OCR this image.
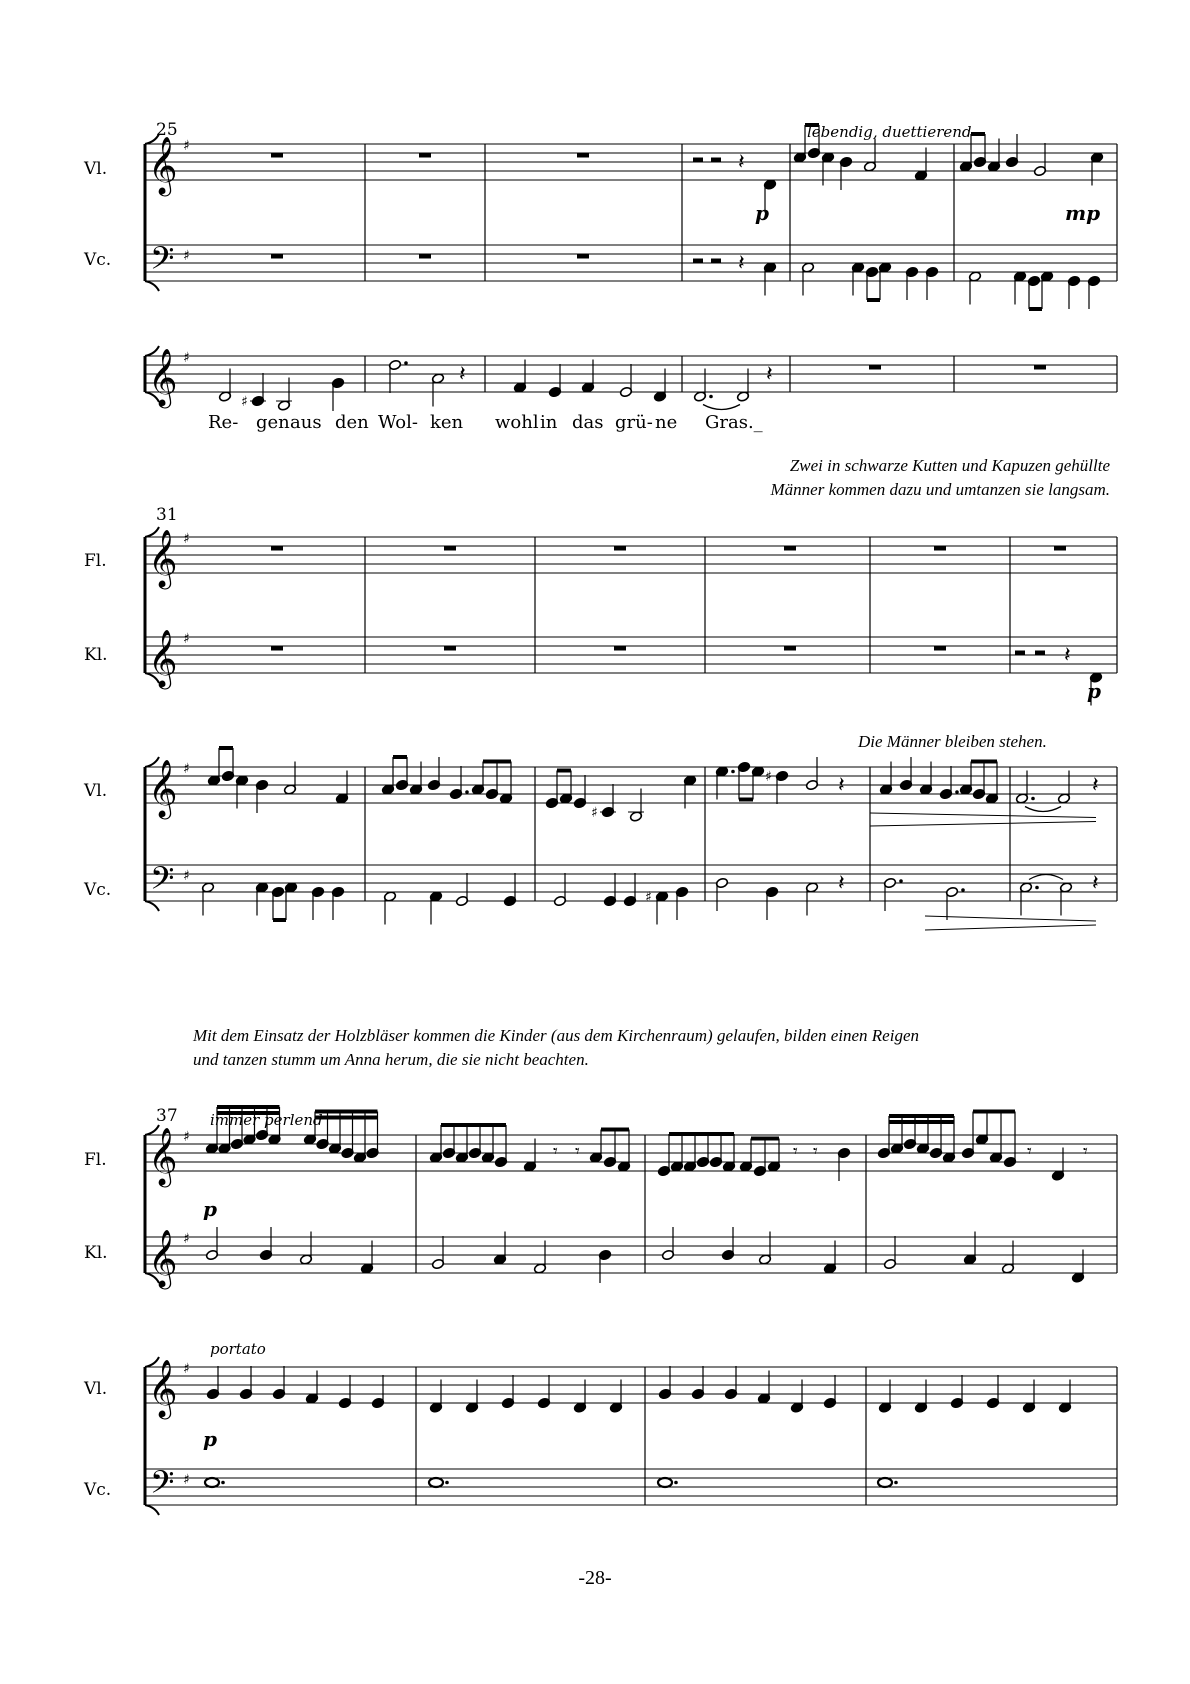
Zwei in schwarze Kutten und Kapuzen gehüllte
Männer kommen dazu und umtanzen sie langsam.
Die Männer bleiben stehen.
Mit dem Einsatz der Holzbläser kommen die Kinder (aus dem Kirchenraum) gelaufen, bilden einen Reigen
und tanzen stumm um Anna herum, die sie nicht beachten.
-28-
25
Vl.
Vc.
𝄞
𝄢
𝄞
♯
♯
♯
𝄽
𝄽
p
lebendig, duettierend
mp
♯
𝄽	𝄽
Re- gen aus den Wol- ken wohl in das grü- ne Gras._
31
Fl.
Kl.
Vl.
Vc.
𝄞
𝄞
𝄞
𝄢
♯
♯
♯
♯
𝄽
p
♯
♯	𝄽	𝄽
♯
𝄽	𝄽
37 immer perlend
portato
Fl.
Kl.
Vl.
Vc.
𝄞
𝄞
𝄞
𝄢
♯
♯
♯
♯
p
p
𝄾 𝄾	𝄾 𝄾	𝄾	𝄾
